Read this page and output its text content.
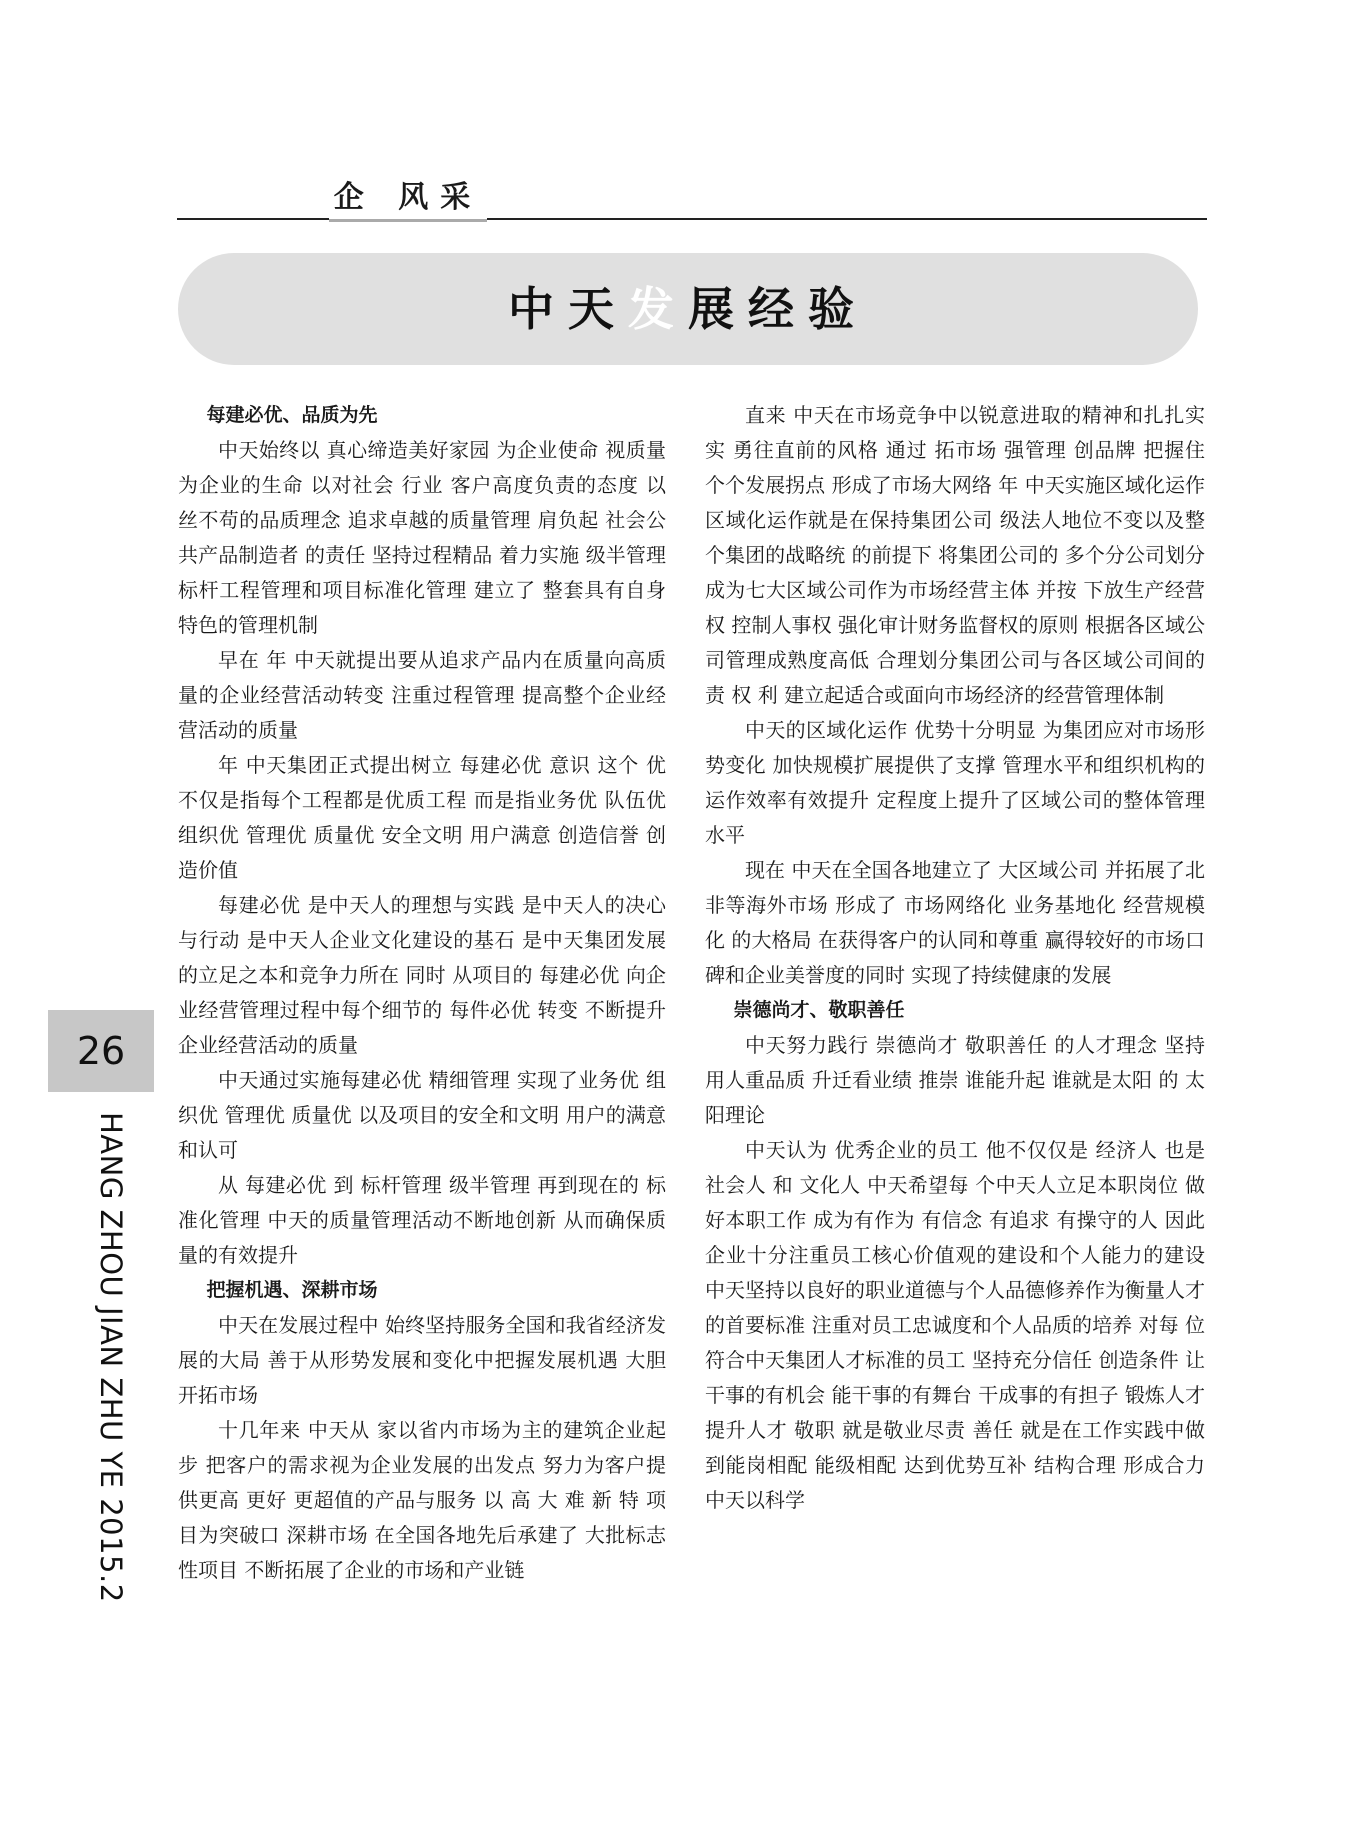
企 风采
中天发展经验
26
HANG ZHOU JIAN ZHU YE 2015.2

每建必优、品质为先

中天始终以 真心缔造美好家园 为企业使命 视质量为企业的生命 以对社会 行业 客户高度负责的态度 以 丝不苟的品质理念 追求卓越的质量管理 肩负起 社会公共产品制造者 的责任 坚持过程精品 着力实施 级半管理 标杆工程管理和项目标准化管理 建立了 整套具有自身特色的管理机制

早在 年 中天就提出要从追求产品内在质量向高质量的企业经营活动转变 注重过程管理 提高整个企业经营活动的质量

年 中天集团正式提出树立 每建必优 意识 这个 优 不仅是指每个工程都是优质工程 而是指业务优 队伍优 组织优 管理优 质量优 安全文明 用户满意 创造信誉 创造价值

每建必优 是中天人的理想与实践 是中天人的决心与行动 是中天人企业文化建设的基石 是中天集团发展的立足之本和竞争力所在 同时 从项目的 每建必优 向企业经营管理过程中每个细节的 每件必优 转变 不断提升企业经营活动的质量

中天通过实施每建必优 精细管理 实现了业务优 组织优 管理优 质量优 以及项目的安全和文明 用户的满意和认可

从 每建必优 到 标杆管理 级半管理 再到现在的 标准化管理 中天的质量管理活动不断地创新 从而确保质量的有效提升

把握机遇、深耕市场

中天在发展过程中 始终坚持服务全国和我省经济发展的大局 善于从形势发展和变化中把握发展机遇 大胆开拓市场

十几年来 中天从 家以省内市场为主的建筑企业起步 把客户的需求视为企业发展的出发点 努力为客户提供更高 更好 更超值的产品与服务 以 高 大 难 新 特 项目为突破口 深耕市场 在全国各地先后承建了 大批标志性项目 不断拓展了企业的市场和产业链

直来 中天在市场竞争中以锐意进取的精神和扎扎实实 勇往直前的风格 通过 拓市场 强管理 创品牌 把握住 个个发展拐点 形成了市场大网络 年 中天实施区域化运作 区域化运作就是在保持集团公司 级法人地位不变以及整个集团的战略统 的前提下 将集团公司的 多个分公司划分成为七大区域公司作为市场经营主体 并按 下放生产经营权 控制人事权 强化审计财务监督权的原则 根据各区域公司管理成熟度高低 合理划分集团公司与各区域公司间的责 权 利 建立起适合或面向市场经济的经营管理体制

中天的区域化运作 优势十分明显 为集团应对市场形势变化 加快规模扩展提供了支撑 管理水平和组织机构的运作效率有效提升 定程度上提升了区域公司的整体管理水平

现在 中天在全国各地建立了 大区域公司 并拓展了北非等海外市场 形成了 市场网络化 业务基地化 经营规模化 的大格局 在获得客户的认同和尊重 赢得较好的市场口碑和企业美誉度的同时 实现了持续健康的发展

崇德尚才、敬职善任

中天努力践行 崇德尚才 敬职善任 的人才理念 坚持 用人重品质 升迁看业绩 推崇 谁能升起 谁就是太阳 的 太阳理论

中天认为 优秀企业的员工 他不仅仅是 经济人 也是 社会人 和 文化人 中天希望每 个中天人立足本职岗位 做好本职工作 成为有作为 有信念 有追求 有操守的人 因此 企业十分注重员工核心价值观的建设和个人能力的建设 中天坚持以良好的职业道德与个人品德修养作为衡量人才的首要标准 注重对员工忠诚度和个人品质的培养 对每 位符合中天集团人才标准的员工 坚持充分信任 创造条件 让干事的有机会 能干事的有舞台 干成事的有担子 锻炼人才 提升人才 敬职 就是敬业尽责 善任 就是在工作实践中做到能岗相配 能级相配 达到优势互补 结构合理 形成合力 中天以科学
